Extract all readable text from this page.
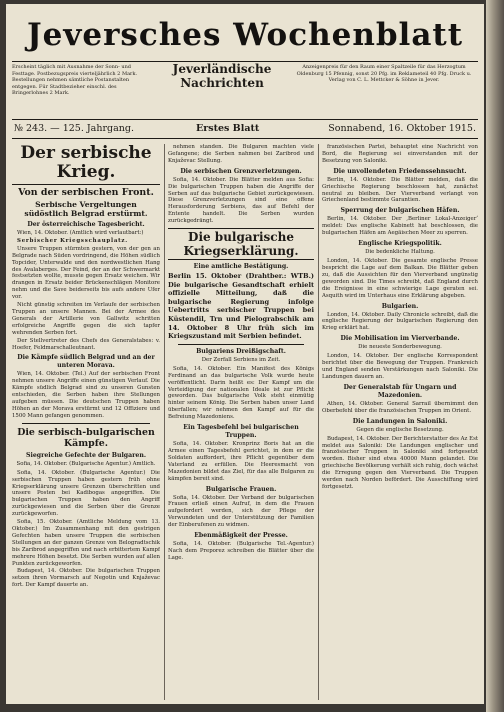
Jeversches Wochenblatt
Erscheint täglich mit Ausnahme der Sonn- und Festtage. Postbezugspreis vierteljährlich 2 Mark. Bestellungen nehmen sämtliche Postanstalten entgegen. Für Stadtbezieher einschl. des Bringerlohnes 2 Mark.
Jeverländische
Nachrichten
Anzeigenpreis für den Raum einer Spaltzeile für das Herzogtum Oldenburg 15 Pfennig, sonst 20 Pfg. im Reklameteil 40 Pfg. Druck u. Verlag von C. L. Mettcker & Söhne in Jever.
№ 243. — 125. Jahrgang.	Erstes Blatt	Sonnabend, 16. Oktober 1915.
Der serbische Krieg.
Von der serbischen Front.
Serbische Vergeltungen südöstlich Belgrad erstürmt.
Der österreichische Tagesbericht.

Wien, 14. Oktober. (Amtlich wird verlautbart:)

Serbischer Kriegsschauplatz.

Unsere Truppen stürmten gestern, von der gen an Belgrade nach Süden vordringend, die Höhen südlich Topcider, Unterwalde und den nordwestlichen Hang des Avalaberges. Der Feind, der an der Schwermarkt festsetzten wollte, musste gegen Ersatz weichen. Wir drangen in Ersatz beider Brückenschlägen Monitore nehm und die Save beiderseits bis aufs andere Ufer vor.

Nicht günstig schreiten im Verlaufe der serbischen Truppen an unsere Mannen. Bei der Armee des Generals der Artillerie von Gallwitz schritten erfolgreiche Angriffe gegen die sich tapfer wehrenden Serben fort.

Der Stellvertreter des Chefs des Generalstabes: v. Hoefer, Feldmarschalleutnant.

Die Kämpfe südlich Belgrad und an der unteren Morava.

Wien, 14. Oktober. (Tel.) Auf der serbischen Front nehmen unsere Angriffe einen günstigen Verlauf. Die Kämpfe südlich Belgrad sind zu unseren Gunsten entschieden, die Serben haben ihre Stellungen aufgeben müssen. Die deutschen Truppen haben Höhen an der Morava erstürmt und 12 Offiziere und 1500 Mann gefangen genommen.

Die serbisch-bulgarischen Kämpfe.
Siegreiche Gefechte der Bulgaren.
Sofia, 14. Oktober. (Bulgarische Agentur.) Amtlich.

Sofia, 14. Oktober. (Bulgarische Agentur.) Die serbischen Truppen haben gestern früh ohne Kriegserklärung unsere Grenzen überschritten und unsere Posten bei Kadibogas angegriffen. Die bulgarischen Truppen haben den Angriff zurückgewiesen und die Serben über die Grenze zurückgeworfen.

Sofia, 15. Oktober. (Amtliche Meldung vom 13. Oktober.) Im Zusammenhang mit den gestrigen Gefechten haben unsere Truppen die serbischen Stellungen an der ganzen Grenze von Belogradtschik bis Zaribrod angegriffen und nach erbittertem Kampf mehrere Höhen besetzt. Die Serben wurden auf allen Punkten zurückgeworfen.

Budapest, 14. Oktober. Die bulgarischen Truppen setzen ihren Vormarsch auf Negotin und Knjaževac fort. Der Kampf dauerte an.

nehmen standen. Die Bulgaren machten viele Gefangene; die Serben nahmen bei Zaribrod und Knjaževac Stellung.

Die serbischen Grenzverletzungen.

Sofia, 14. Oktober. Die Blätter melden aus Sofia: Die bulgarischen Truppen haben die Angriffe der Serben auf das bulgarische Gebiet zurückgewiesen. Diese Grenzverletzungen sind eine offene Herausforderung Serbiens, das auf Befehl der Entente handelt. Die Serben wurden zurückgedrängt.

Die bulgarische Kriegserklärung.
Eine amtliche Bestätigung.
Berlin 15. Oktober (Drahtber.: WTB.) Die bulgarische Gesandtschaft erhielt offizielle Mitteilung, daß die bulgarische Regierung infolge Uebertritts serbischer Truppen bei Küstendil, Trn und Pielograbschik am 14. Oktober 8 Uhr früh sich im Kriegszustand mit Serbien befindet.
Bulgariens Dreißigschaft.
Der Zerfall Serbiens im Zeit.

Sofia, 14. Oktober. Ein Manifest des Königs Ferdinand an das bulgarische Volk wurde heute veröffentlicht. Darin heißt es: Der Kampf um die Verteidigung der nationalen Ideale ist zur Pflicht geworden. Das bulgarische Volk steht einmütig hinter seinem König. Die Serben haben unser Land überfallen; wir nehmen den Kampf auf für die Befreiung Mazedoniens.

Ein Tagesbefehl bei bulgarischen Truppen.

Sofia, 14. Oktober. Kronprinz Boris hat an die Armee einen Tagesbefehl gerichtet, in dem er die Soldaten auffordert, ihre Pflicht gegenüber dem Vaterland zu erfüllen. Die Heeresmacht von Mazedonien bildet das Ziel, für das alle Bulgaren zu kämpfen bereit sind.

Bulgarische Frauen.

Sofia, 14. Oktober. Der Verband der bulgarischen Frauen erließ einen Aufruf, in dem die Frauen aufgefordert werden, sich der Pflege der Verwundeten und der Unterstützung der Familien der Einberufenen zu widmen.

Ebenmäßigkeit der Presse.

Sofia, 14. Oktober. (Bulgarische Tel.-Agentur.) Nach dem Preporez schreiben die Blätter über die Lage.

französischen Partei, behauptet eine Nachricht von Bord, die Regierung sei einverstanden mit der Besetzung von Saloniki.

Die unvollendeten Friedenssehnsucht.

Berlin, 14. Oktober. Die Blätter melden, daß die Griechische Regierung beschlossen hat, zunächst neutral zu bleiben. Der Vierverband verlangt von Griechenland bestimmte Garantien.

Sperrung der bulgarischen Häfen.

Berlin, 14. Oktober. Der ‚Berliner Lokal-Anzeiger‘ meldet: Das englische Kabinett hat beschlossen, die bulgarischen Häfen am Aegäischen Meer zu sperren.

Englische Kriegspolitik.
Die bedenkliche Haltung.

London, 14. Oktober. Die gesamte englische Presse bespricht die Lage auf dem Balkan. Die Blätter geben zu, daß die Aussichten für den Vierverband ungünstig geworden sind. Die Times schreibt, daß England durch die Ereignisse in eine schwierige Lage geraten sei. Asquith wird im Unterhaus eine Erklärung abgeben.

Bulgarien.

London, 14. Oktober. Daily Chronicle schreibt, daß die englische Regierung der bulgarischen Regierung den Krieg erklärt hat.

Die Mobilisation im Vierverbande.
Die neueste Sonderbewegung.

London, 14. Oktober. Der englische Korrespondent berichtet über die Bewegung der Truppen. Frankreich und England senden Verstärkungen nach Saloniki. Die Landungen dauern an.

Der Generalstab für Ungarn und Mazedonien.

Athen, 14. Oktober. General Sarrail übernimmt den Oberbefehl über die französischen Truppen im Orient.

Die Landungen in Saloniki.
Gegen die englische Besetzung.

Budapest, 14. Oktober. Der Berichterstatter des Az Est meldet aus Saloniki: Die Landungen englischer und französischer Truppen in Saloniki sind fortgesetzt worden. Bisher sind etwa 40000 Mann gelandet. Die griechische Bevölkerung verhält sich ruhig, doch wächst die Erregung gegen den Vierverband. Die Truppen werden nach Norden befördert. Die Ausschiffung wird fortgesetzt.
